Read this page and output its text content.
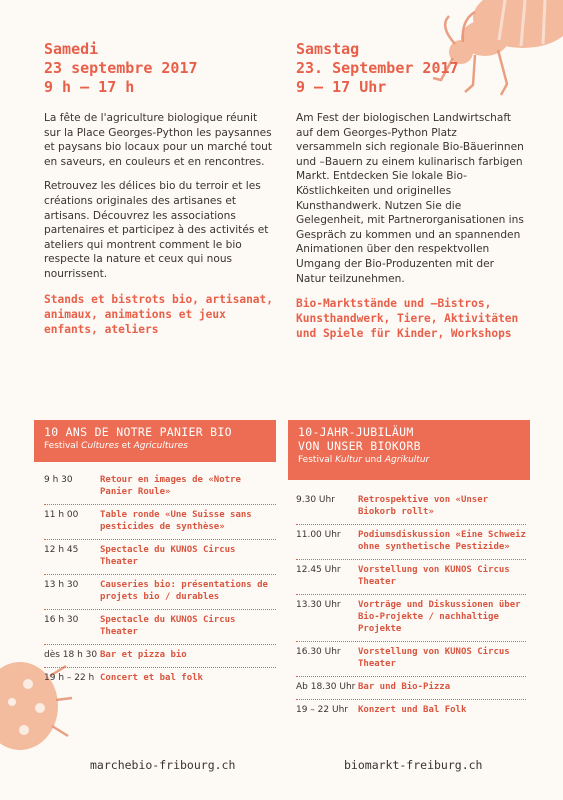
Samedi

23 septembre 2017

9 h – 17 h

La fête de l'agriculture biologique réunit sur la Place Georges-Python les paysannes et paysans bio locaux pour un marché tout en saveurs, en couleurs et en rencontres.

Retrouvez les délices bio du terroir et les créations originales des artisanes et artisans. Découvrez les associations partenaires et participez à des activités et ateliers qui montrent comment le bio respecte la nature et ceux qui nous nourrissent.

Stands et bistrots bio, artisanat, animaux, animations et jeux enfants, ateliers

Samstag

23. September 2017

9 – 17 Uhr

Am Fest der biologischen Landwirtschaft auf dem Georges-Python Platz versammeln sich regionale Bio-Bäuerinnen und –Bauern zu einem kulinarisch farbigen Markt. Entdecken Sie lokale Bio-Köstlichkeiten und originelles Kunsthandwerk. Nutzen Sie die Gelegenheit, mit Partnerorganisationen ins Gespräch zu kommen und an spannenden Animationen über den respektvollen Umgang der Bio-Produzenten mit der Natur teilzunehmen.

Bio-Marktstände und –Bistros, Kunsthandwerk, Tiere, Aktivitäten und Spiele für Kinder, Workshops

10 ANS DE NOTRE PANIER BIO
Festival Cultures et Agricultures
10-JAHR-JUBILÄUM
VON UNSER BIOKORB
Festival Kultur und Agrikultur
9 h 30	Retour en images de «Notre Panier Roule»
11 h 00	Table ronde «Une Suisse sans pesticides de synthèse»
12 h 45	Spectacle du KUNOS Circus Theater
13 h 30	Causeries bio: présentations de projets bio / durables
16 h 30	Spectacle du KUNOS Circus Theater
dès 18 h 30 Bar et pizza bio
19 h – 22 h Concert et bal folk
9.30 Uhr	Retrospektive von «Unser Biokorb rollt»
11.00 Uhr	Podiumsdiskussion «Eine Schweiz ohne synthetische Pestizide»
12.45 Uhr	Vorstellung von KUNOS Circus Theater
13.30 Uhr	Vorträge und Diskussionen über Bio-Projekte / nachhaltige Projekte
16.30 Uhr	Vorstellung von KUNOS Circus Theater
Ab 18.30 Uhr Bar und Bio-Pizza
19 – 22 Uhr	Konzert und Bal Folk
marchebio-fribourg.ch	biomarkt-freiburg.ch
